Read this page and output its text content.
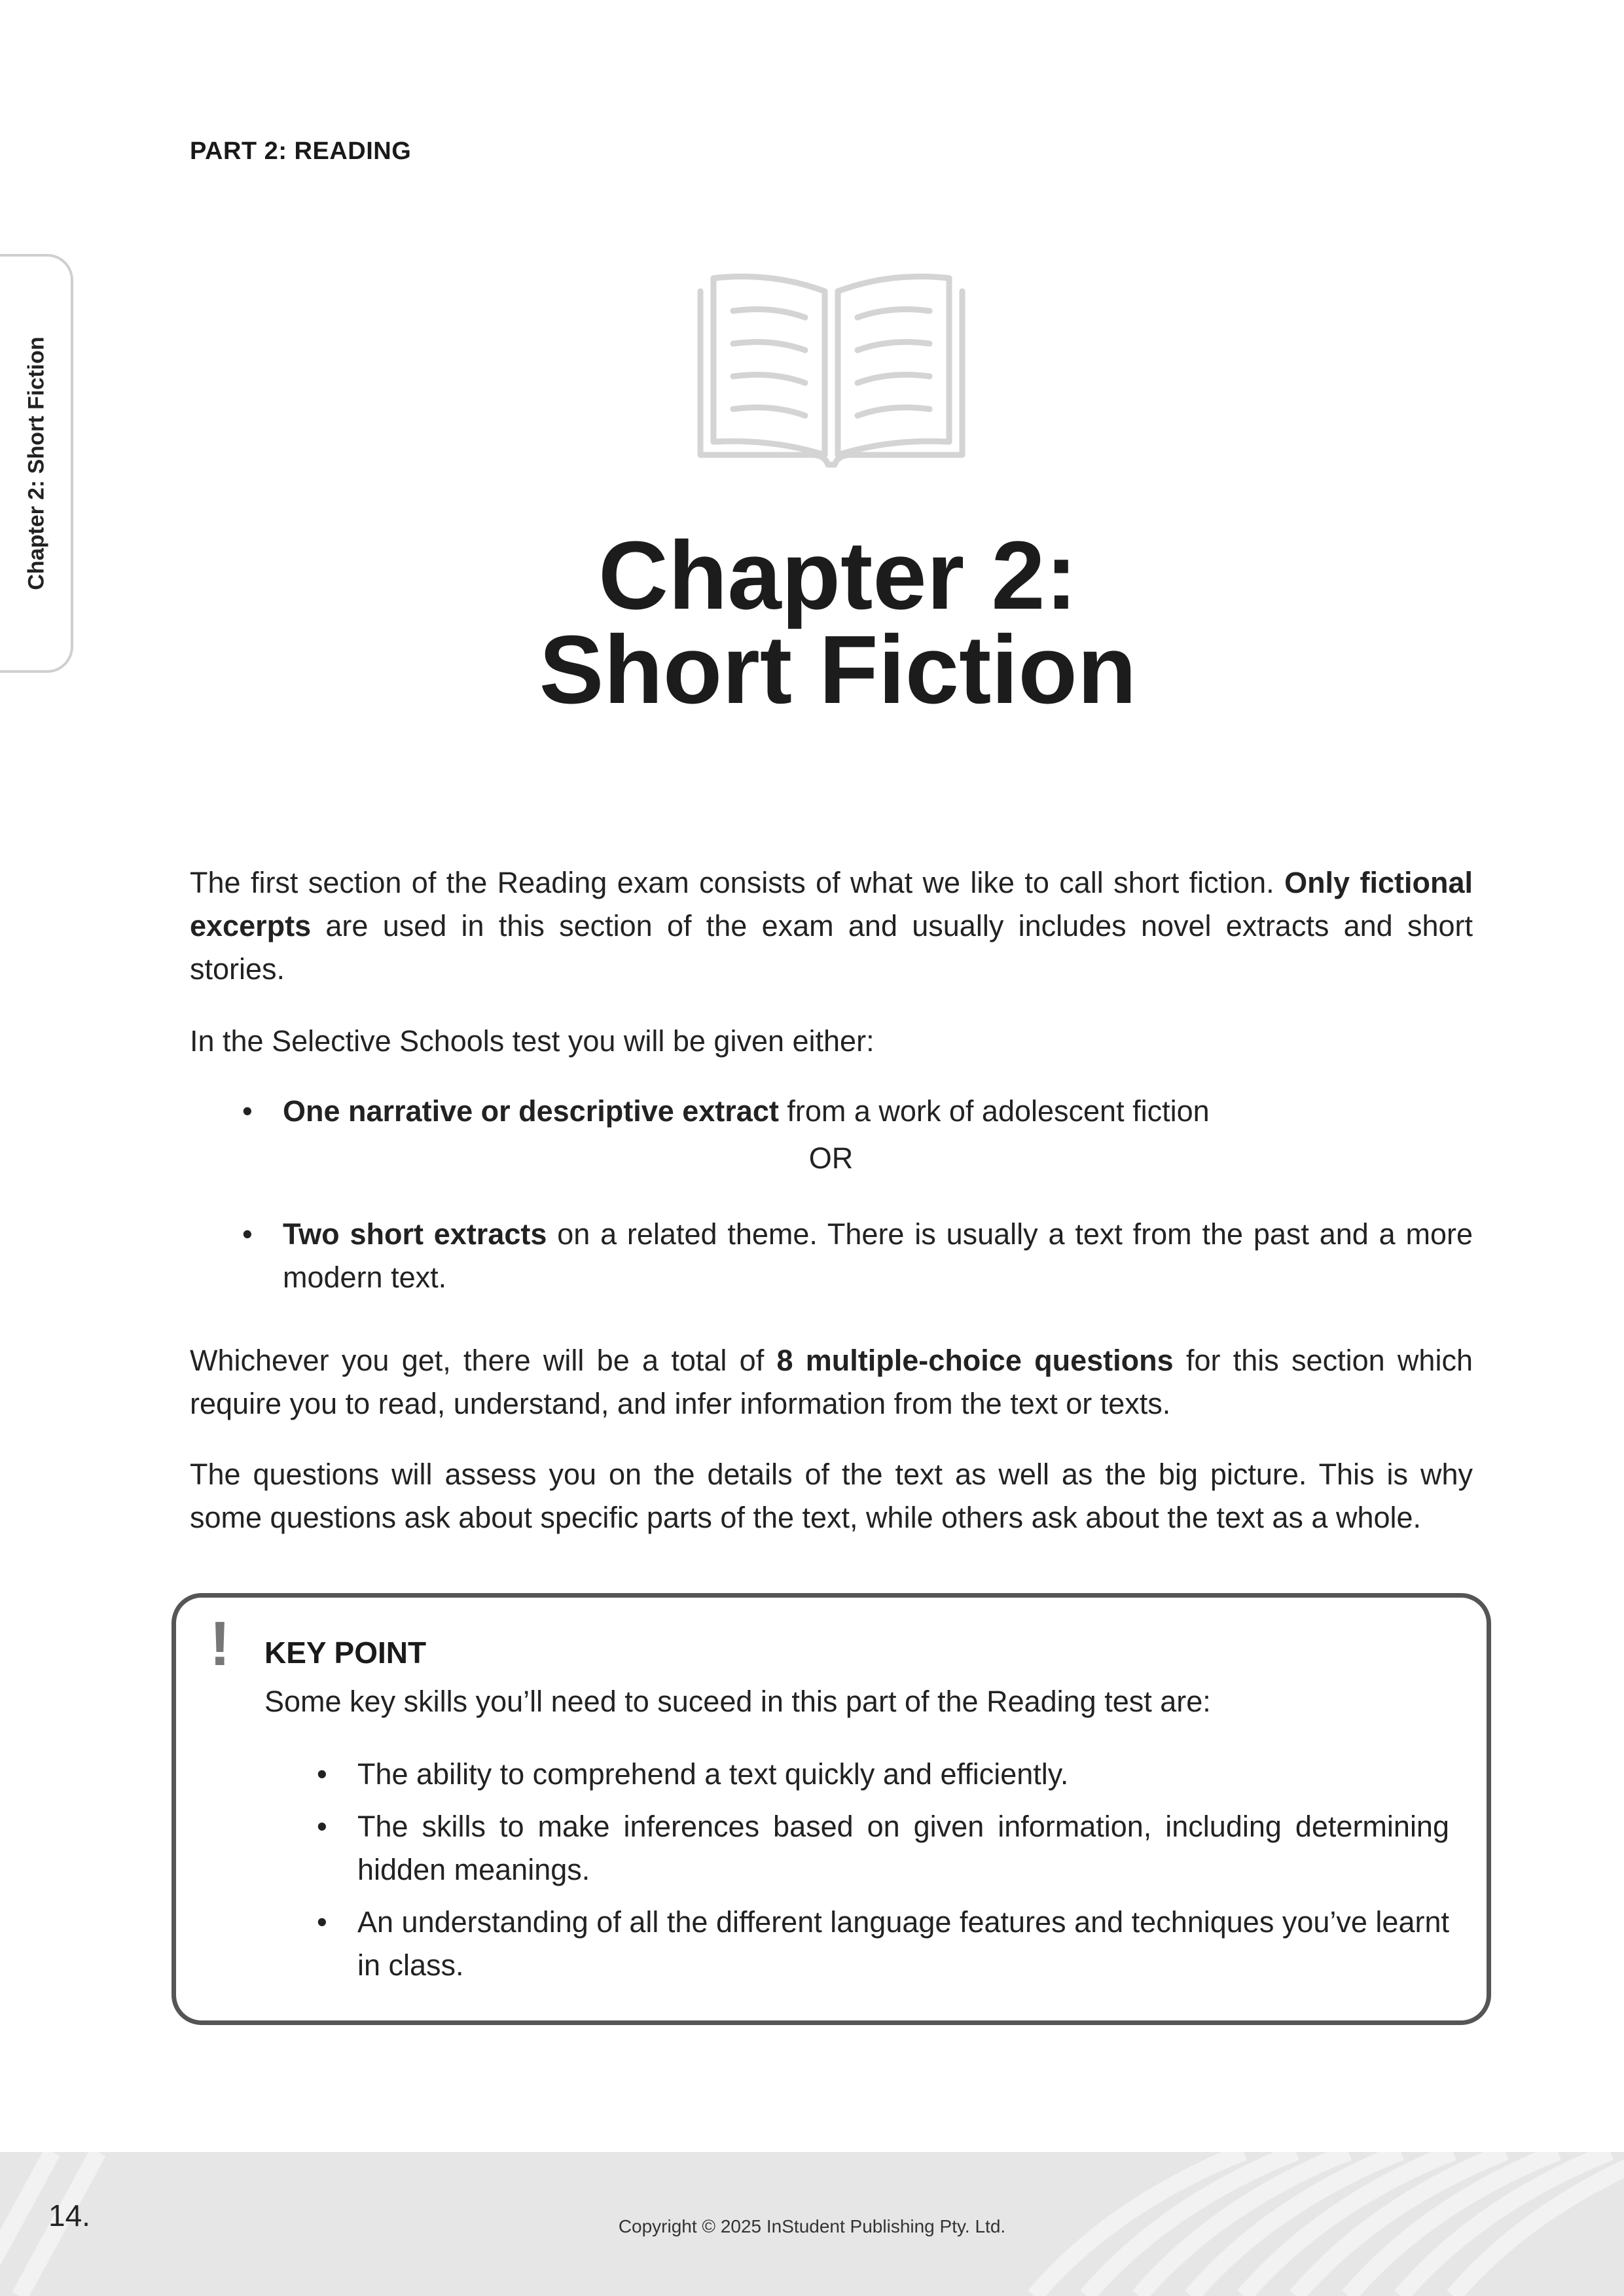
PART 2: READING
Chapter 2: Short Fiction	Chapter 2:
Short Fiction
The first section of the Reading exam consists of what we like to call short fiction. Only fictional excerpts are used in this section of the exam and usually includes novel extracts and short stories.
In the Selective Schools test you will be given either:
• One narrative or descriptive extract from a work of adolescent fiction
OR
• Two short extracts on a related theme. There is usually a text from the past and a more modern text.
Whichever you get, there will be a total of 8 multiple-choice questions for this section which require you to read, understand, and infer information from the text or texts.
The questions will assess you on the details of the text as well as the big picture. This is why some questions ask about specific parts of the text, while others ask about the text as a whole.
! KEY POINT
Some key skills you’ll need to suceed in this part of the Reading test are:
• The ability to comprehend a text quickly and efficiently.
• The skills to make inferences based on given information, including determining hidden meanings.
• An understanding of all the different language features and techniques you’ve learnt in class.
14.	Copyright © 2025 InStudent Publishing Pty. Ltd.
